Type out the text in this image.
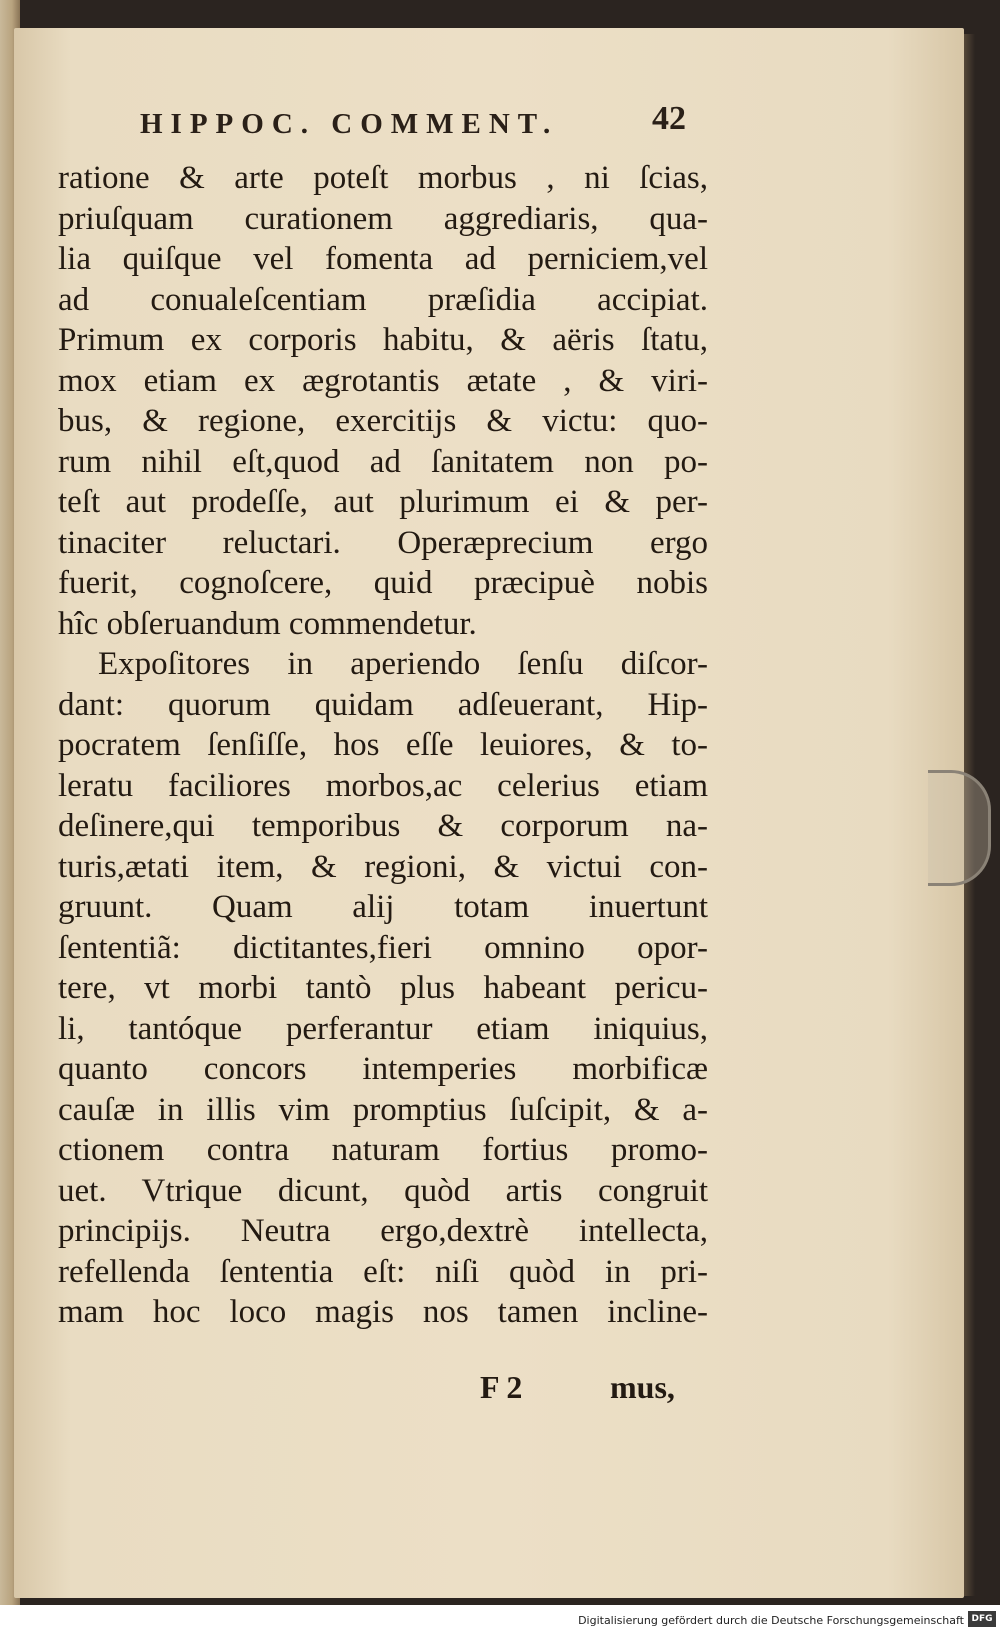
HIPPOC. COMMENT.	42
ratione & arte poteſt morbus , ni ſcias,
priuſquam curationem aggrediaris, qua-
lia quiſque vel fomenta ad perniciem,vel
ad conualeſcentiam præſidia accipiat.
Primum ex corporis habitu, & aëris ſtatu,
mox etiam ex ægrotantis ætate , & viri-
bus, & regione, exercitijs & victu: quo-
rum nihil eſt,quod ad ſanitatem non po-
teſt aut prodeſſe, aut plurimum ei & per-
tinaciter reluctari. Operæprecium ergo
fuerit, cognoſcere, quid præcipuè nobis
hîc obſeruandum commendetur.
Expoſitores in aperiendo ſenſu diſcor-
dant: quorum quidam adſeuerant, Hip-
pocratem ſenſiſſe, hos eſſe leuiores, & to-
leratu faciliores morbos,ac celerius etiam
deſinere,qui temporibus & corporum na-
turis,ætati item, & regioni, & victui con-
gruunt. Quam alij totam inuertunt
ſententiã: dictitantes,fieri omnino opor-
tere, vt morbi tantò plus habeant pericu-
li, tantóque perferantur etiam iniquius,
quanto concors intemperies morbificæ
cauſæ in illis vim promptius ſuſcipit, & a-
ctionem contra naturam fortius promo-
uet. Vtrique dicunt, quòd artis congruit
principijs. Neutra ergo,dextrè intellecta,
refellenda ſententia eſt: niſi quòd in pri-
mam hoc loco magis nos tamen incline-
F 2	mus,
Digitalisierung gefördert durch die Deutsche Forschungsgemeinschaft DFG
